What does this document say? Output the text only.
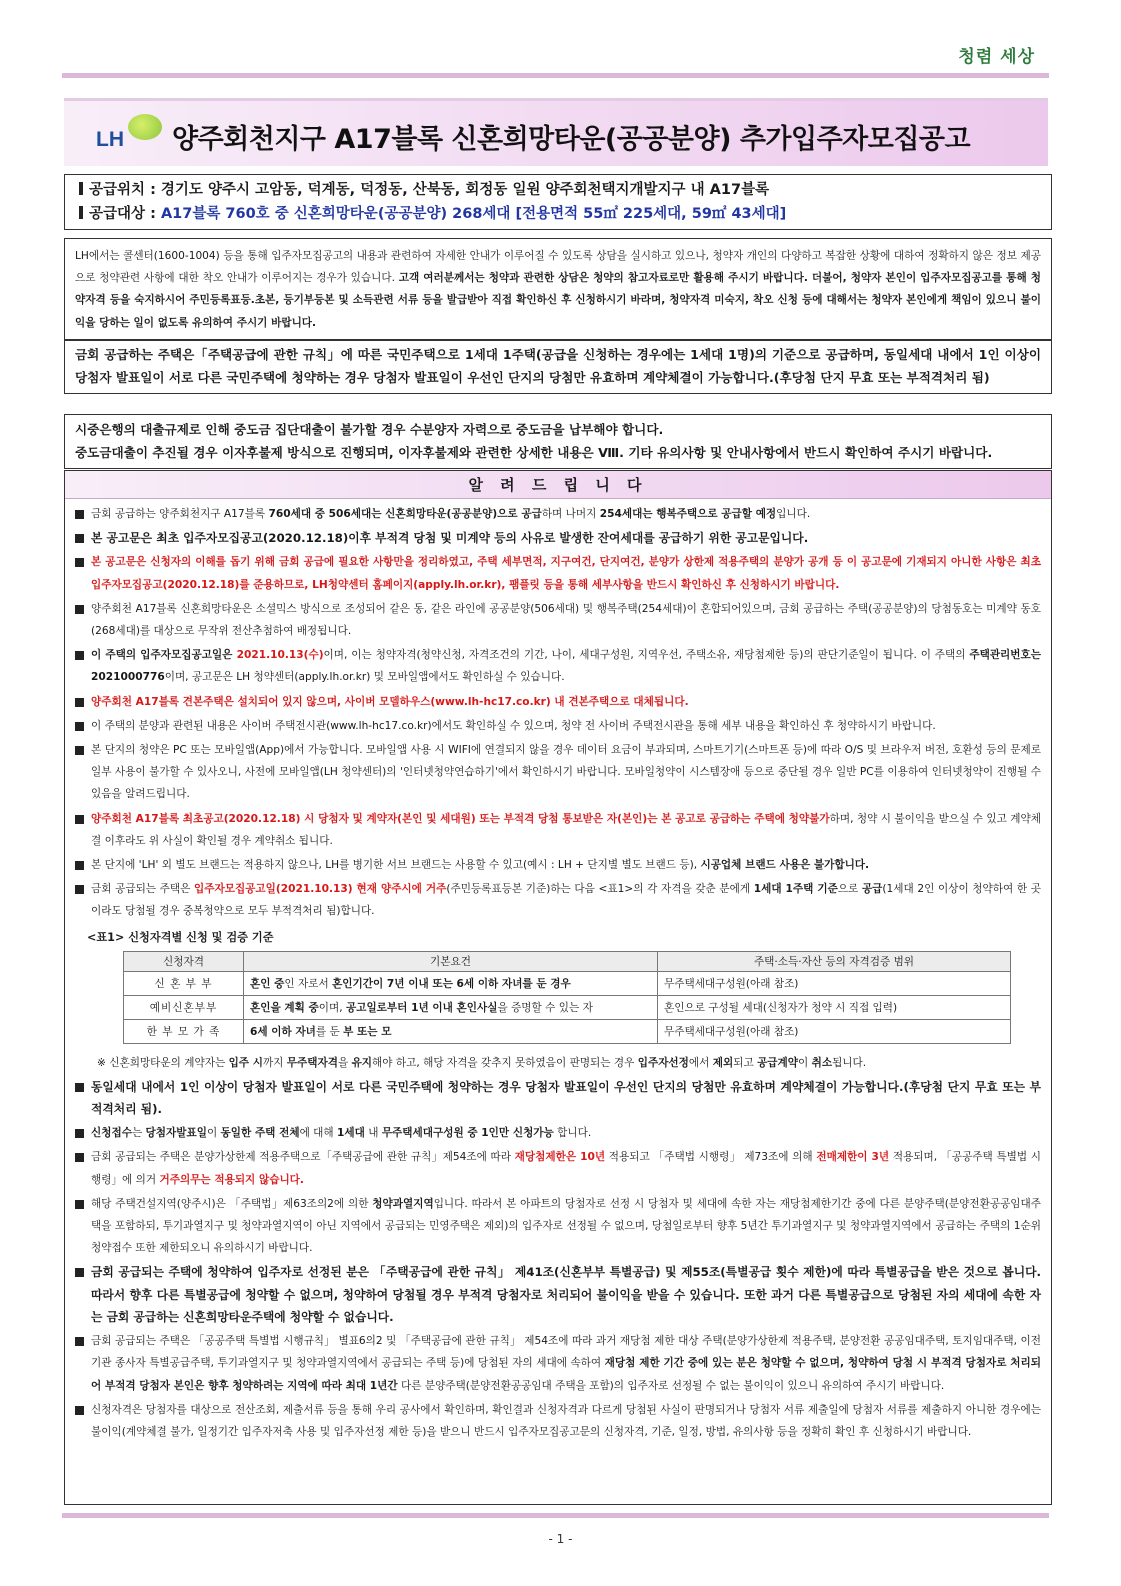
청렴 세상
LH 양주회천지구 A17블록 신혼희망타운(공공분양) 추가입주자모집공고
공급위치 : 경기도 양주시 고암동, 덕계동, 덕정동, 산북동, 회정동 일원 양주회천택지개발지구 내 A17블록
공급대상 : A17블록 760호 중 신혼희망타운(공공분양) 268세대 [전용면적 55㎡ 225세대, 59㎡ 43세대]
LH에서는 콜센터(1600-1004) 등을 통해 입주자모집공고의 내용과 관련하여 자세한 안내가 이루어질 수 있도록 상담을 실시하고 있으나, 청약자 개인의 다양하고 복잡한 상황에 대하여 정확하지 않은 정보 제공으로 청약관련 사항에 대한 착오 안내가 이루어지는 경우가 있습니다. 고객 여러분께서는 청약과 관련한 상담은 청약의 참고자료로만 활용해 주시기 바랍니다. 더불어, 청약자 본인이 입주자모집공고를 통해 청약자격 등을 숙지하시어 주민등록표등.초본, 등기부등본 및 소득관련 서류 등을 발급받아 직접 확인하신 후 신청하시기 바라며, 청약자격 미숙지, 착오 신청 등에 대해서는 청약자 본인에게 책임이 있으니 불이익을 당하는 일이 없도록 유의하여 주시기 바랍니다.
금회 공급하는 주택은「주택공급에 관한 규칙」에 따른 국민주택으로 1세대 1주택(공급을 신청하는 경우에는 1세대 1명)의 기준으로 공급하며, 동일세대 내에서 1인 이상이 당첨자 발표일이 서로 다른 국민주택에 청약하는 경우 당첨자 발표일이 우선인 단지의 당첨만 유효하며 계약체결이 가능합니다.(후당첨 단지 무효 또는 부적격처리 됨)
시중은행의 대출규제로 인해 중도금 집단대출이 불가할 경우 수분양자 자력으로 중도금을 납부해야 합니다.
중도금대출이 추진될 경우 이자후불제 방식으로 진행되며, 이자후불제와 관련한 상세한 내용은 Ⅷ. 기타 유의사항 및 안내사항에서 반드시 확인하여 주시기 바랍니다.
알 려 드 립 니 다
금회 공급하는 양주회천지구 A17블록 760세대 중 506세대는 신혼희망타운(공공분양)으로 공급하며 나머지 254세대는 행복주택으로 공급할 예정입니다.
본 공고문은 최초 입주자모집공고(2020.12.18)이후 부적격 당첨 및 미계약 등의 사유로 발생한 잔여세대를 공급하기 위한 공고문입니다.
본 공고문은 신청자의 이해를 돕기 위해 금회 공급에 필요한 사항만을 정리하였고, 주택 세부면적, 지구여건, 단지여건, 분양가 상한제 적용주택의 분양가 공개 등 이 공고문에 기재되지 아니한 사항은 최초 입주자모집공고(2020.12.18)를 준용하므로, LH청약센터 홈페이지(apply.lh.or.kr), 팸플릿 등을 통해 세부사항을 반드시 확인하신 후 신청하시기 바랍니다.
양주회천 A17블록 신혼희망타운은 소셜믹스 방식으로 조성되어 같은 동, 같은 라인에 공공분양(506세대) 및 행복주택(254세대)이 혼합되어있으며, 금회 공급하는 주택(공공분양)의 당첨동호는 미계약 동호(268세대)를 대상으로 무작위 전산추첨하여 배정됩니다.
이 주택의 입주자모집공고일은 2021.10.13(수)이며, 이는 청약자격(청약신청, 자격조건의 기간, 나이, 세대구성원, 지역우선, 주택소유, 재당첨제한 등)의 판단기준일이 됩니다. 이 주택의 주택관리번호는 2021000776이며, 공고문은 LH 청약센터(apply.lh.or.kr) 및 모바일앱에서도 확인하실 수 있습니다.
양주회천 A17블록 견본주택은 설치되어 있지 않으며, 사이버 모델하우스(www.lh-hc17.co.kr) 내 견본주택으로 대체됩니다.
이 주택의 분양과 관련된 내용은 사이버 주택전시관(www.lh-hc17.co.kr)에서도 확인하실 수 있으며, 청약 전 사이버 주택전시관을 통해 세부 내용을 확인하신 후 청약하시기 바랍니다.
본 단지의 청약은 PC 또는 모바일앱(App)에서 가능합니다. 모바일앱 사용 시 WIFI에 연결되지 않을 경우 데이터 요금이 부과되며, 스마트기기(스마트폰 등)에 따라 O/S 및 브라우저 버전, 호환성 등의 문제로 일부 사용이 불가할 수 있사오니, 사전에 모바일앱(LH 청약센터)의 '인터넷청약연습하기'에서 확인하시기 바랍니다. 모바일청약이 시스템장애 등으로 중단될 경우 일반 PC를 이용하여 인터넷청약이 진행될 수 있음을 알려드립니다.
양주회천 A17블록 최초공고(2020.12.18) 시 당첨자 및 계약자(본인 및 세대원) 또는 부적격 당첨 통보받은 자(본인)는 본 공고로 공급하는 주택에 청약불가하며, 청약 시 불이익을 받으실 수 있고 계약체결 이후라도 위 사실이 확인될 경우 계약취소 됩니다.
본 단지에 'LH' 외 별도 브랜드는 적용하지 않으나, LH를 병기한 서브 브랜드는 사용할 수 있고(예시 : LH + 단지별 별도 브랜드 등), 시공업체 브랜드 사용은 불가합니다.
금회 공급되는 주택은 입주자모집공고일(2021.10.13) 현재 양주시에 거주(주민등록표등본 기준)하는 다음 <표1>의 각 자격을 갖춘 분에게 1세대 1주택 기준으로 공급(1세대 2인 이상이 청약하여 한 곳이라도 당첨될 경우 중복청약으로 모두 부적격처리 됨)합니다.
<표1> 신청자격별 신청 및 검증 기준
신청자격	기본요건	주택·소득·자산 등의 자격검증 범위
신 혼 부 부	혼인 중인 자로서 혼인기간이 7년 이내 또는 6세 이하 자녀를 둔 경우	무주택세대구성원(아래 참조)
예비신혼부부	혼인을 계획 중이며, 공고일로부터 1년 이내 혼인사실을 증명할 수 있는 자	혼인으로 구성될 세대(신청자가 청약 시 직접 입력)
한 부 모 가 족	6세 이하 자녀를 둔 부 또는 모	무주택세대구성원(아래 참조)
※ 신혼희망타운의 계약자는 입주 시까지 무주택자격을 유지해야 하고, 해당 자격을 갖추지 못하였음이 판명되는 경우 입주자선정에서 제외되고 공급계약이 취소됩니다.
동일세대 내에서 1인 이상이 당첨자 발표일이 서로 다른 국민주택에 청약하는 경우 당첨자 발표일이 우선인 단지의 당첨만 유효하며 계약체결이 가능합니다.(후당첨 단지 무효 또는 부적격처리 됨).
신청접수는 당첨자발표일이 동일한 주택 전체에 대해 1세대 내 무주택세대구성원 중 1인만 신청가능 합니다.
금회 공급되는 주택은 분양가상한제 적용주택으로「주택공급에 관한 규칙」제54조에 따라 재당첨제한은 10년 적용되고 「주택법 시행령」 제73조에 의해 전매제한이 3년 적용되며, 「공공주택 특별법 시행령」에 의거 거주의무는 적용되지 않습니다.
해당 주택건설지역(양주시)은 「주택법」제63조의2에 의한 청약과열지역입니다. 따라서 본 아파트의 당첨자로 선정 시 당첨자 및 세대에 속한 자는 재당첨제한기간 중에 다른 분양주택(분양전환공공임대주택을 포함하되, 투기과열지구 및 청약과열지역이 아닌 지역에서 공급되는 민영주택은 제외)의 입주자로 선정될 수 없으며, 당첨일로부터 향후 5년간 투기과열지구 및 청약과열지역에서 공급하는 주택의 1순위 청약접수 또한 제한되오니 유의하시기 바랍니다.
금회 공급되는 주택에 청약하여 입주자로 선정된 분은 「주택공급에 관한 규칙」 제41조(신혼부부 특별공급) 및 제55조(특별공급 횟수 제한)에 따라 특별공급을 받은 것으로 봅니다. 따라서 향후 다른 특별공급에 청약할 수 없으며, 청약하여 당첨될 경우 부적격 당첨자로 처리되어 불이익을 받을 수 있습니다. 또한 과거 다른 특별공급으로 당첨된 자의 세대에 속한 자는 금회 공급하는 신혼희망타운주택에 청약할 수 없습니다.
금회 공급되는 주택은 「공공주택 특별법 시행규칙」 별표6의2 및 「주택공급에 관한 규칙」 제54조에 따라 과거 재당첨 제한 대상 주택(분양가상한제 적용주택, 분양전환 공공임대주택, 토지임대주택, 이전기관 종사자 특별공급주택, 투기과열지구 및 청약과열지역에서 공급되는 주택 등)에 당첨된 자의 세대에 속하여 재당첨 제한 기간 중에 있는 분은 청약할 수 없으며, 청약하여 당첨 시 부적격 당첨자로 처리되어 부적격 당첨자 본인은 향후 청약하려는 지역에 따라 최대 1년간 다른 분양주택(분양전환공공임대 주택을 포함)의 입주자로 선정될 수 없는 불이익이 있으니 유의하여 주시기 바랍니다.
신청자격은 당첨자를 대상으로 전산조회, 제출서류 등을 통해 우리 공사에서 확인하며, 확인결과 신청자격과 다르게 당첨된 사실이 판명되거나 당첨자 서류 제출일에 당첨자 서류를 제출하지 아니한 경우에는 불이익(계약체결 불가, 일정기간 입주자저축 사용 및 입주자선정 제한 등)을 받으니 반드시 입주자모집공고문의 신청자격, 기준, 일정, 방법, 유의사항 등을 정확히 확인 후 신청하시기 바랍니다.
- 1 -
